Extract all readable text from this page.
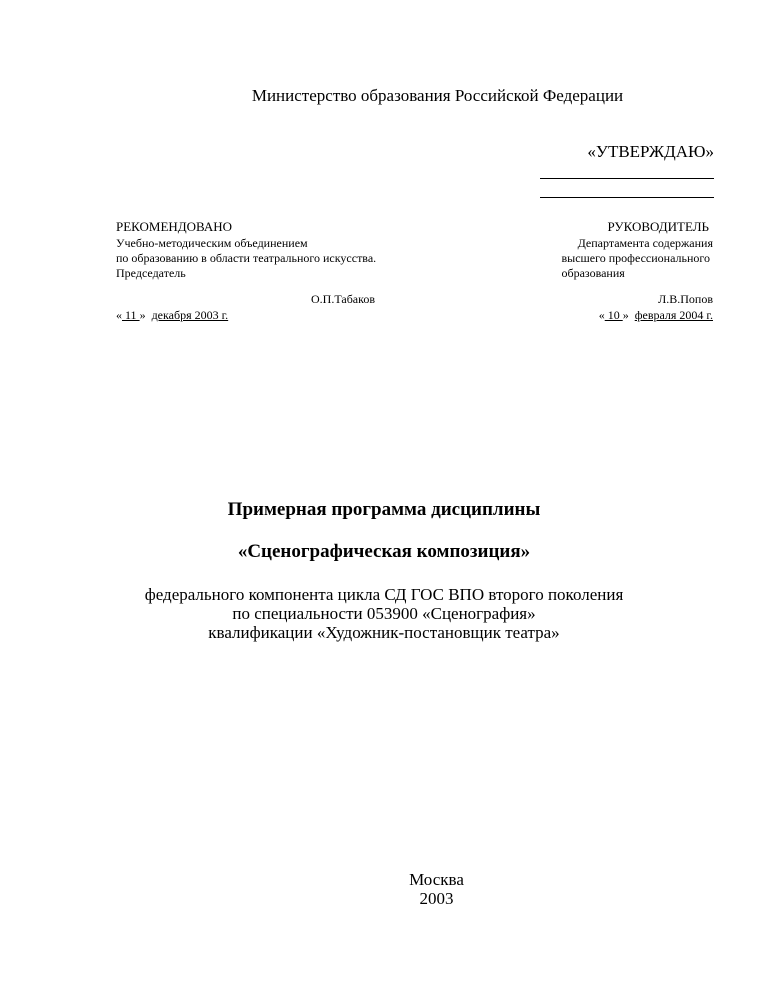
Министерство образования Российской Федерации
«УТВЕРЖДАЮ»
РЕКОМЕНДОВАНО
Учебно-методическим объединением
по образованию в области театрального искусства.
Председатель
О.П.Табаков
« 11 » декабря 2003 г.
РУКОВОДИТЕЛЬ
Департамента содержания
высшего профессионального
образования
Л.В.Попов
« 10 » февраля 2004 г.
Примерная программа дисциплины
«Сценографическая композиция»
федерального компонента цикла СД ГОС ВПО второго поколения
по специальности 053900 «Сценография»
квалификации «Художник-постановщик театра»
Москва
2003
